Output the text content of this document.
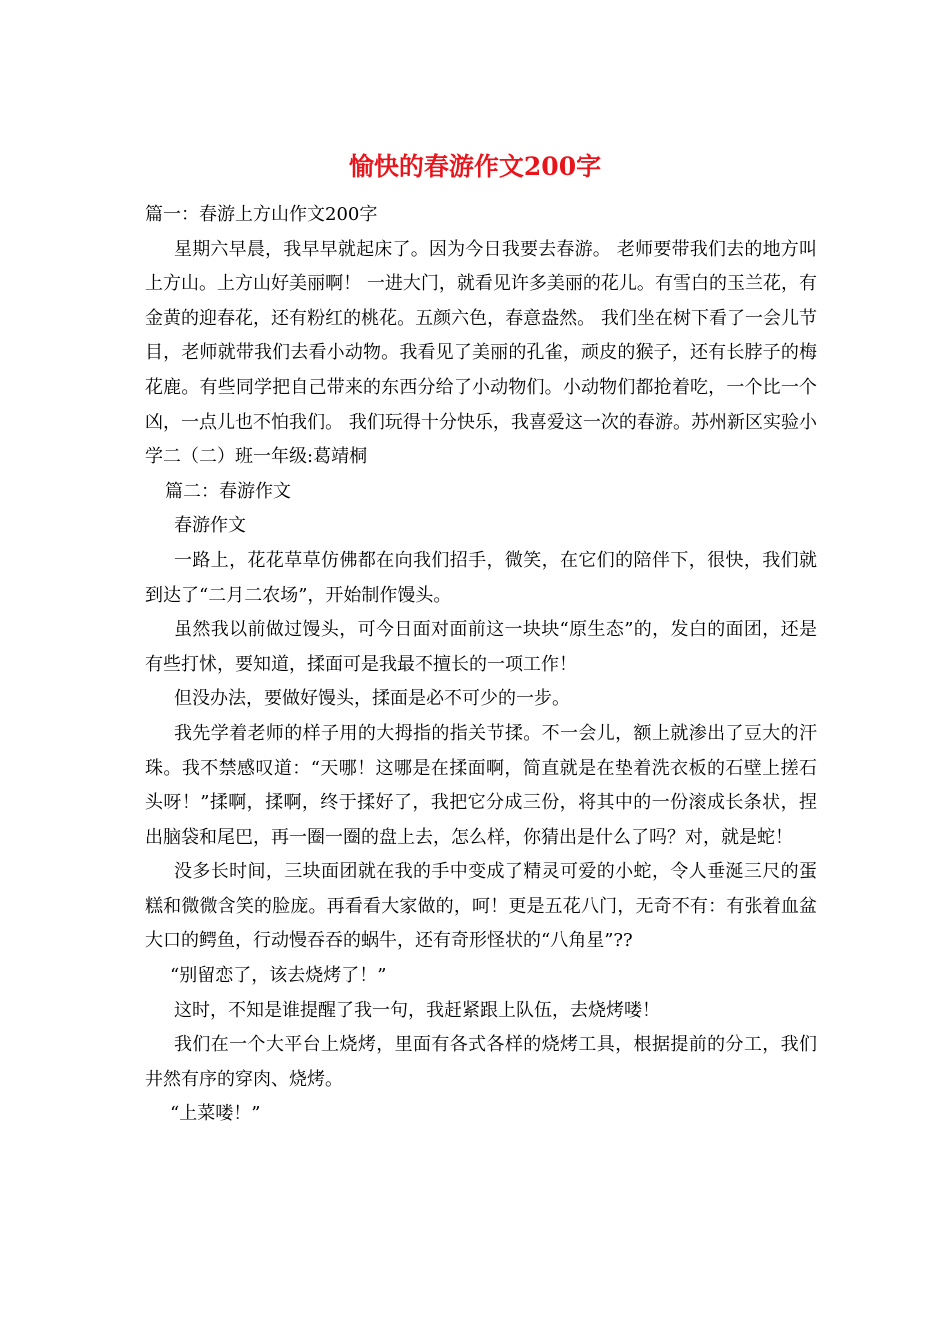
愉快的春游作文200字

篇一：春游上方山作文200字

星期六早晨，我早早就起床了。因为今日我要去春游。 老师要带我们去的地方叫上方山。上方山好美丽啊！ 一进大门，就看见许多美丽的花儿。有雪白的玉兰花，有金黄的迎春花，还有粉红的桃花。五颜六色，春意盎然。 我们坐在树下看了一会儿节目，老师就带我们去看小动物。我看见了美丽的孔雀，顽皮的猴子，还有长脖子的梅花鹿。有些同学把自己带来的东西分给了小动物们。小动物们都抢着吃，一个比一个凶，一点儿也不怕我们。 我们玩得十分快乐，我喜爱这一次的春游。苏州新区实验小学二（二）班一年级:葛靖桐

篇二：春游作文

春游作文

一路上，花花草草仿佛都在向我们招手，微笑，在它们的陪伴下，很快，我们就到达了“二月二农场”，开始制作馒头。

虽然我以前做过馒头，可今日面对面前这一块块“原生态”的，发白的面团，还是有些打怵，要知道，揉面可是我最不擅长的一项工作！

但没办法，要做好馒头，揉面是必不可少的一步。

我先学着老师的样子用的大拇指的指关节揉。不一会儿，额上就渗出了豆大的汗珠。我不禁感叹道：“天哪！这哪是在揉面啊，简直就是在垫着洗衣板的石壁上搓石头呀！”揉啊，揉啊，终于揉好了，我把它分成三份，将其中的一份滚成长条状，捏出脑袋和尾巴，再一圈一圈的盘上去，怎么样，你猜出是什么了吗？对，就是蛇！

没多长时间，三块面团就在我的手中变成了精灵可爱的小蛇，令人垂涎三尺的蛋糕和微微含笑的脸庞。再看看大家做的，呵！更是五花八门，无奇不有：有张着血盆大口的鳄鱼，行动慢吞吞的蜗牛，还有奇形怪状的“八角星”??

“别留恋了，该去烧烤了！”

这时，不知是谁提醒了我一句，我赶紧跟上队伍，去烧烤喽！

我们在一个大平台上烧烤，里面有各式各样的烧烤工具，根据提前的分工，我们井然有序的穿肉、烧烤。

“上菜喽！”
